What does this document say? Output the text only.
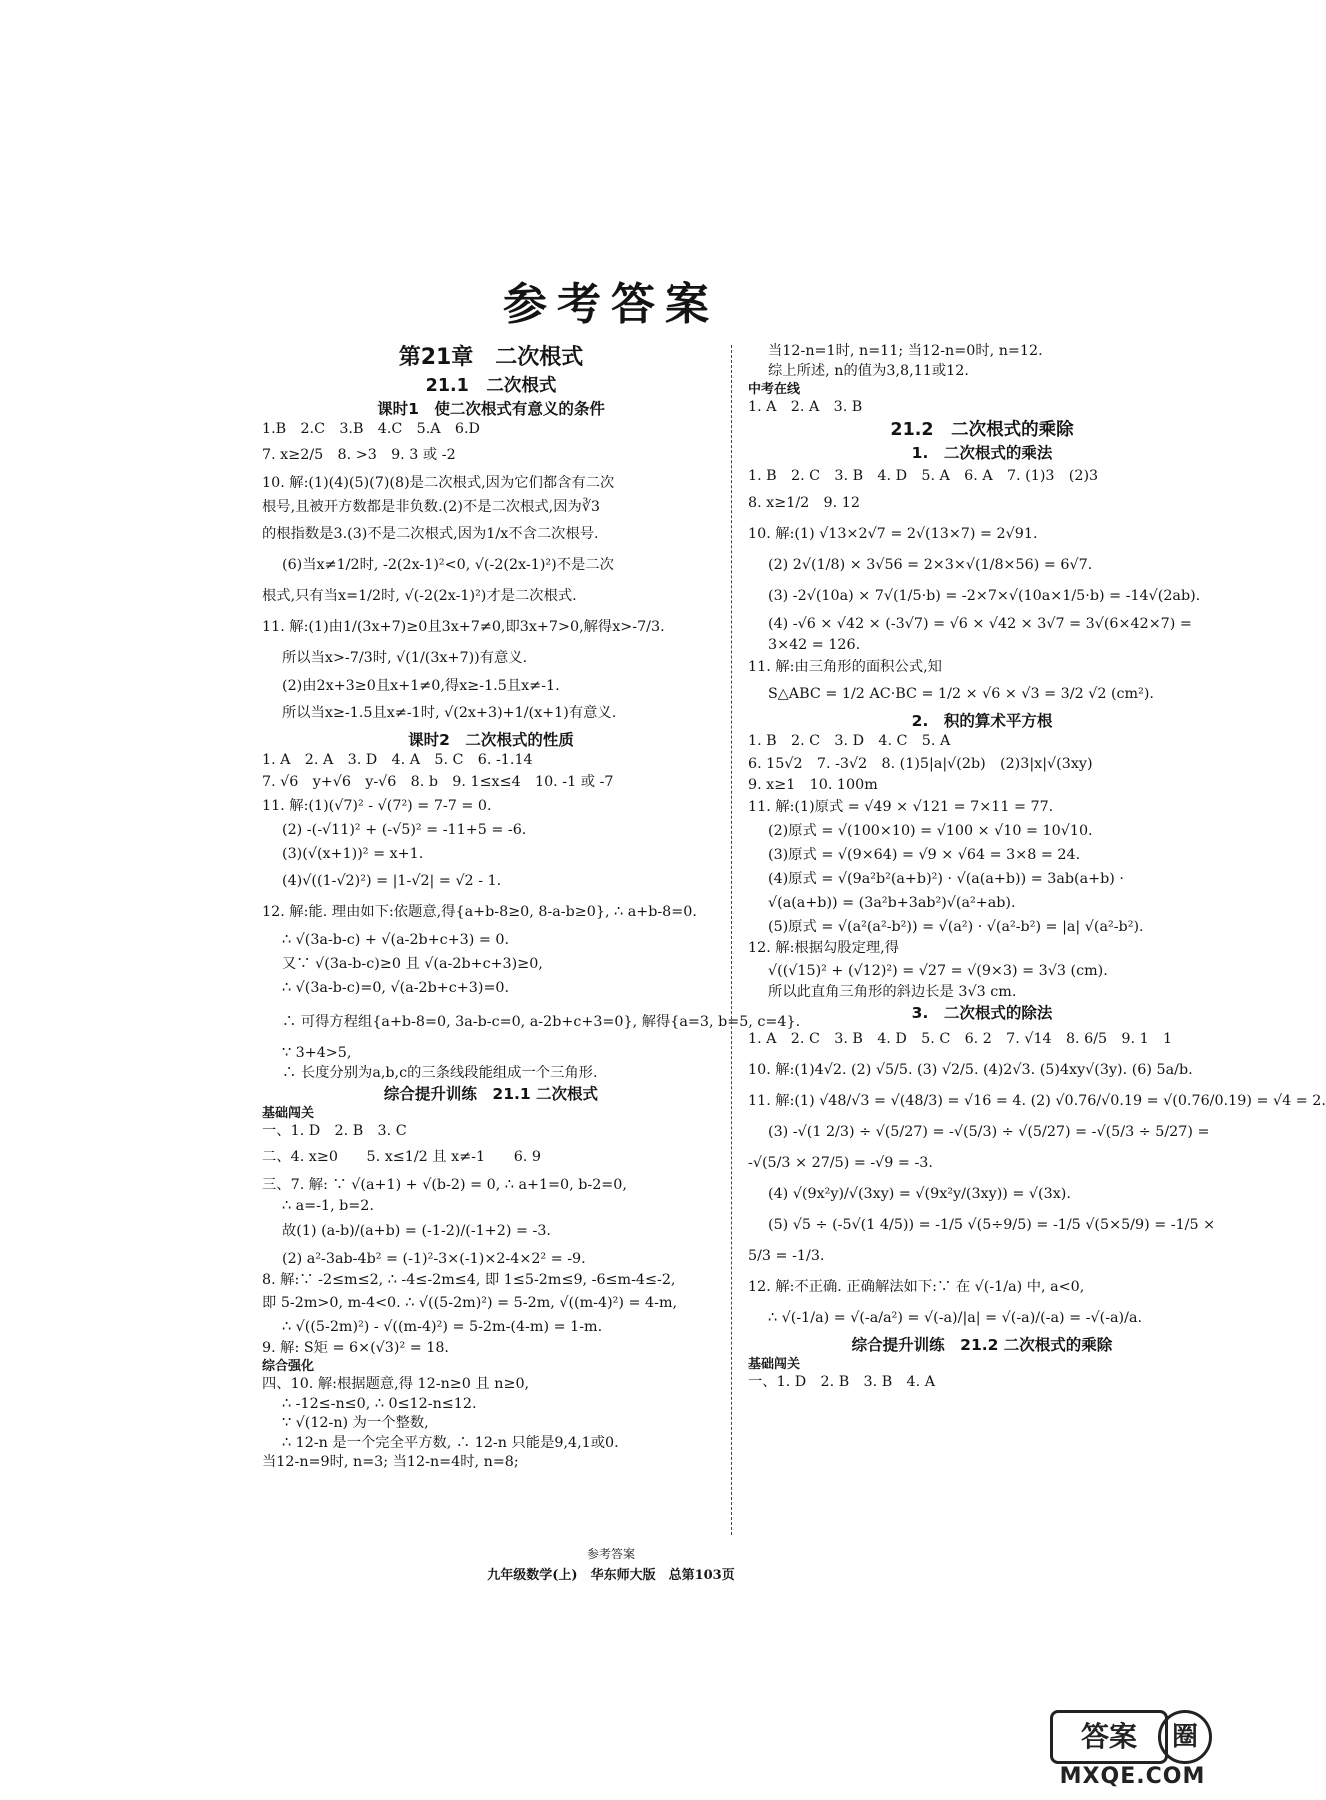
参考答案
第21章　二次根式
21.1　二次根式
课时1　使二次根式有意义的条件
1.B　2.C　3.B　4.C　5.A　6.D
7. x≥2/5　8. >3　9. 3 或 -2
10. 解:(1)(4)(5)(7)(8)是二次根式,因为它们都含有二次
根号,且被开方数都是非负数.(2)不是二次根式,因为∛3
的根指数是3.(3)不是二次根式,因为1/x不含二次根号.
(6)当x≠1/2时, -2(2x-1)²<0, √(-2(2x-1)²)不是二次
根式,只有当x=1/2时, √(-2(2x-1)²)才是二次根式.
11. 解:(1)由1/(3x+7)≥0且3x+7≠0,即3x+7>0,解得x>-7/3.
所以当x>-7/3时, √(1/(3x+7))有意义.
(2)由2x+3≥0且x+1≠0,得x≥-1.5且x≠-1.
所以当x≥-1.5且x≠-1时, √(2x+3)+1/(x+1)有意义.
课时2　二次根式的性质
1. A　2. A　3. D　4. A　5. C　6. -1.14
7. √6　y+√6　y-√6　8. b　9. 1≤x≤4　10. -1 或 -7
11. 解:(1)(√7)² - √(7²) = 7-7 = 0.
(2) -(-√11)² + (-√5)² = -11+5 = -6.
(3)(√(x+1))² = x+1.
(4)√((1-√2)²) = |1-√2| = √2 - 1.
12. 解:能. 理由如下:依题意,得{a+b-8≥0, 8-a-b≥0}, ∴ a+b-8=0.
∴ √(3a-b-c) + √(a-2b+c+3) = 0.
又∵ √(3a-b-c)≥0 且 √(a-2b+c+3)≥0,
∴ √(3a-b-c)=0, √(a-2b+c+3)=0.
∴ 可得方程组{a+b-8=0, 3a-b-c=0, a-2b+c+3=0}, 解得{a=3, b=5, c=4}.
∵ 3+4>5,
∴ 长度分别为a,b,c的三条线段能组成一个三角形.
综合提升训练　21.1 二次根式
基础闯关
一、1. D　2. B　3. C
二、4. x≥0　　5. x≤1/2 且 x≠-1　　6. 9
三、7. 解: ∵ √(a+1) + √(b-2) = 0, ∴ a+1=0, b-2=0,
∴ a=-1, b=2.
故(1) (a-b)/(a+b) = (-1-2)/(-1+2) = -3.
(2) a²-3ab-4b² = (-1)²-3×(-1)×2-4×2² = -9.
8. 解:∵ -2≤m≤2, ∴ -4≤-2m≤4, 即 1≤5-2m≤9, -6≤m-4≤-2,
即 5-2m>0, m-4<0. ∴ √((5-2m)²) = 5-2m, √((m-4)²) = 4-m,
∴ √((5-2m)²) - √((m-4)²) = 5-2m-(4-m) = 1-m.
9. 解: S矩 = 6×(√3)² = 18.
综合强化
四、10. 解:根据题意,得 12-n≥0 且 n≥0,
∴ -12≤-n≤0, ∴ 0≤12-n≤12.
∵ √(12-n) 为一个整数,
∴ 12-n 是一个完全平方数, ∴ 12-n 只能是9,4,1或0.
当12-n=9时, n=3; 当12-n=4时, n=8;
当12-n=1时, n=11; 当12-n=0时, n=12.
综上所述, n的值为3,8,11或12.
中考在线
1. A　2. A　3. B
21.2　二次根式的乘除
1.　二次根式的乘法
1. B　2. C　3. B　4. D　5. A　6. A　7. (1)3　(2)3
8. x≥1/2　9. 12
10. 解:(1) √13×2√7 = 2√(13×7) = 2√91.
(2) 2√(1/8) × 3√56 = 2×3×√(1/8×56) = 6√7.
(3) -2√(10a) × 7√(1/5·b) = -2×7×√(10a×1/5·b) = -14√(2ab).
(4) -√6 × √42 × (-3√7) = √6 × √42 × 3√7 = 3√(6×42×7) =
3×42 = 126.
11. 解:由三角形的面积公式,知
S△ABC = 1/2 AC·BC = 1/2 × √6 × √3 = 3/2 √2 (cm²).
2.　积的算术平方根
1. B　2. C　3. D　4. C　5. A
6. 15√2　7. -3√2　8. (1)5|a|√(2b)　(2)3|x|√(3xy)
9. x≥1　10. 100m
11. 解:(1)原式 = √49 × √121 = 7×11 = 77.
(2)原式 = √(100×10) = √100 × √10 = 10√10.
(3)原式 = √(9×64) = √9 × √64 = 3×8 = 24.
(4)原式 = √(9a²b²(a+b)²) · √(a(a+b)) = 3ab(a+b) ·
√(a(a+b)) = (3a²b+3ab²)√(a²+ab).
(5)原式 = √(a²(a²-b²)) = √(a²) · √(a²-b²) = |a| √(a²-b²).
12. 解:根据勾股定理,得
√((√15)² + (√12)²) = √27 = √(9×3) = 3√3 (cm).
所以此直角三角形的斜边长是 3√3 cm.
3.　二次根式的除法
1. A　2. C　3. B　4. D　5. C　6. 2　7. √14　8. 6/5　9. 1　1
10. 解:(1)4√2. (2) √5/5. (3) √2/5. (4)2√3. (5)4xy√(3y). (6) 5a/b.
11. 解:(1) √48/√3 = √(48/3) = √16 = 4. (2) √0.76/√0.19 = √(0.76/0.19) = √4 = 2.
(3) -√(1 2/3) ÷ √(5/27) = -√(5/3) ÷ √(5/27) = -√(5/3 ÷ 5/27) =
-√(5/3 × 27/5) = -√9 = -3.
(4) √(9x²y)/√(3xy) = √(9x²y/(3xy)) = √(3x).
(5) √5 ÷ (-5√(1 4/5)) = -1/5 √(5÷9/5) = -1/5 √(5×5/9) = -1/5 ×
5/3 = -1/3.
12. 解:不正确. 正确解法如下:∵ 在 √(-1/a) 中, a<0,
∴ √(-1/a) = √(-a/a²) = √(-a)/|a| = √(-a)/(-a) = -√(-a)/a.
综合提升训练　21.2 二次根式的乘除
基础闯关
一、1. D　2. B　3. B　4. A
参考答案
九年级数学(上)　华东师大版　总第103页
答案	圈
MXQE.COM
